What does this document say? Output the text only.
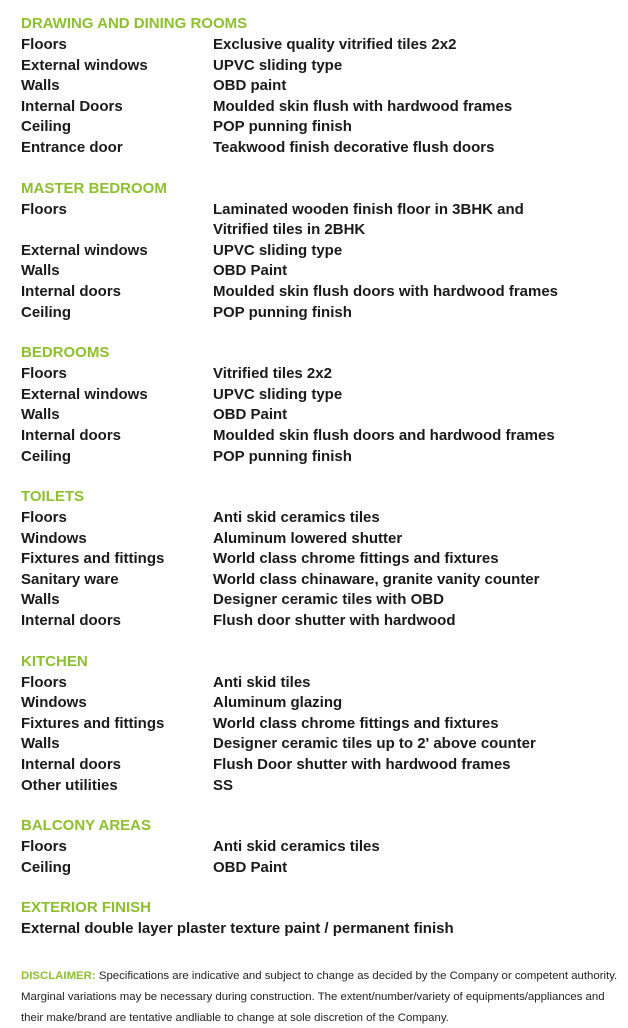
DRAWING AND DINING ROOMS
Floors	Exclusive quality vitrified tiles 2x2
External windows	UPVC sliding type
Walls	OBD paint
Internal Doors	Moulded skin flush with hardwood frames
Ceiling	POP punning finish
Entrance door	Teakwood finish decorative flush doors
MASTER BEDROOM
Floors	Laminated wooden finish floor in 3BHK and Vitrified tiles in 2BHK
External windows	UPVC sliding type
Walls	OBD Paint
Internal doors	Moulded skin flush doors with hardwood frames
Ceiling	POP punning finish
BEDROOMS
Floors	Vitrified tiles 2x2
External windows	UPVC sliding type
Walls	OBD Paint
Internal doors	Moulded skin flush doors and hardwood frames
Ceiling	POP punning finish
TOILETS
Floors	Anti skid ceramics tiles
Windows	Aluminum lowered shutter
Fixtures and fittings	World class chrome fittings and fixtures
Sanitary ware	World class chinaware, granite vanity counter
Walls	Designer ceramic tiles with OBD
Internal doors	Flush door shutter with hardwood
KITCHEN
Floors	Anti skid tiles
Windows	Aluminum glazing
Fixtures and fittings	World class chrome fittings and fixtures
Walls	Designer ceramic tiles up to 2' above counter
Internal doors	Flush Door shutter with hardwood frames
Other utilities	SS
BALCONY AREAS
Floors	Anti skid ceramics tiles
Ceiling	OBD Paint
EXTERIOR FINISH
External double layer plaster texture paint / permanent finish
DISCLAIMER: Specifications are indicative and subject to change as decided by the Company or competent authority. Marginal variations may be necessary during construction. The extent/number/variety of equipments/appliances and their make/brand are tentative andliable to change at sole discretion of the Company.
